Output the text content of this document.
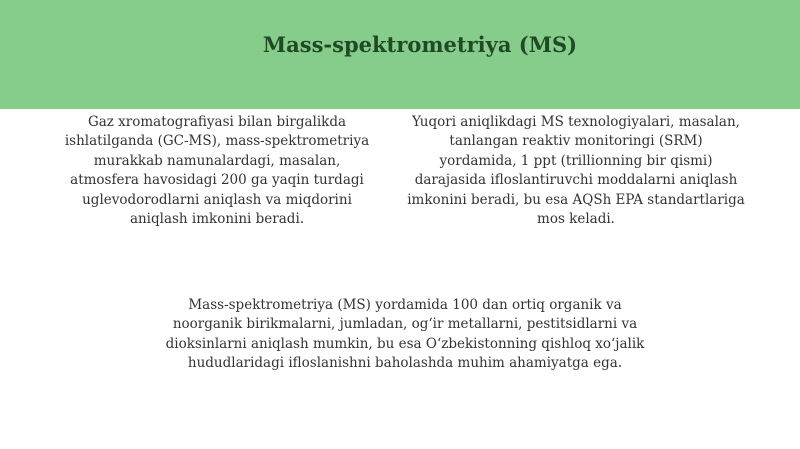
Mass-spektrometriya (MS)

Gaz xromatografiyasi bilan birgalikda
ishlatilganda (GC-MS), mass-spektrometriya
murakkab namunalardagi, masalan,
atmosfera havosidagi 200 ga yaqin turdagi
uglevodorodlarni aniqlash va miqdorini
aniqlash imkonini beradi.

Yuqori aniqlikdagi MS texnologiyalari, masalan,
tanlangan reaktiv monitoringi (SRM)
yordamida, 1 ppt (trillionning bir qismi)
darajasida ifloslantiruvchi moddalarni aniqlash
imkonini beradi, bu esa AQSh EPA standartlariga
mos keladi.

Mass-spektrometriya (MS) yordamida 100 dan ortiq organik va
noorganik birikmalarni, jumladan, og‘ir metallarni, pestitsidlarni va
dioksinlarni aniqlash mumkin, bu esa O‘zbekistonning qishloq xo‘jalik
hududlaridagi ifloslanishni baholashda muhim ahamiyatga ega.
